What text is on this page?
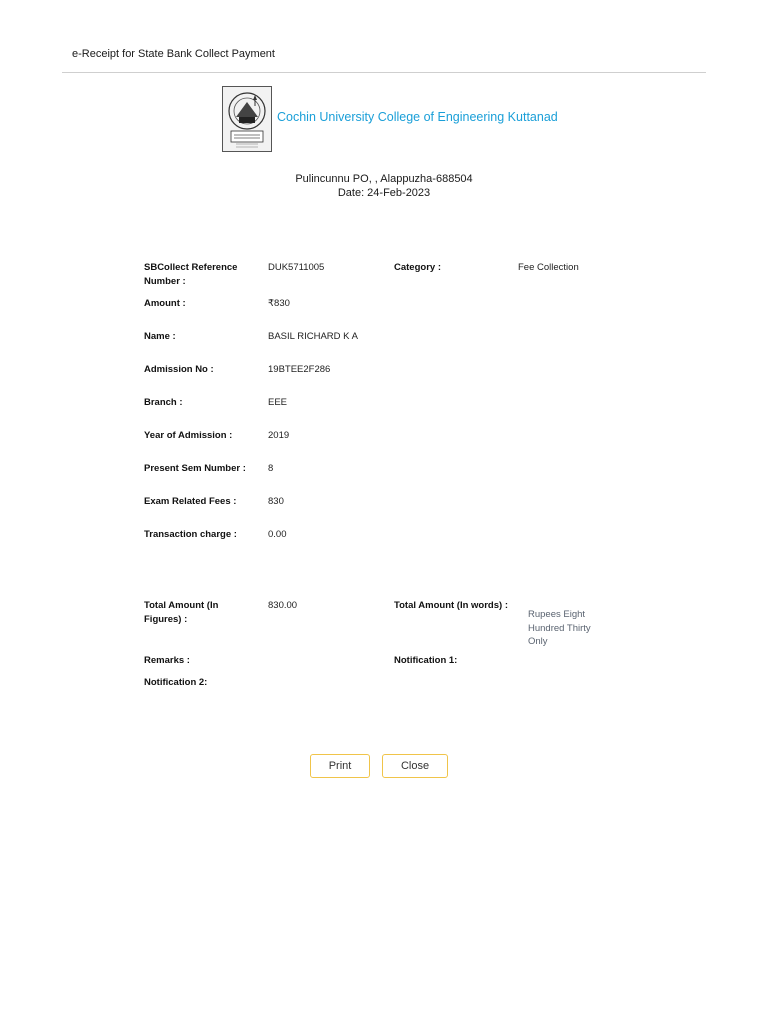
e-Receipt for State Bank Collect Payment
Cochin University College of Engineering Kuttanad
Pulincunnu PO, , Alappuzha-688504
Date: 24-Feb-2023
SBCollect Reference Number :
DUK5711005	Category :	Fee Collection
Amount :	₹830
Name :	BASIL RICHARD K A
Admission No :	19BTEE2F286
Branch :	EEE
Year of Admission :	2019
Present Sem Number : 8
Exam Related Fees :	830
Transaction charge :	0.00
Total Amount (In Figures) :
830.00	Total Amount (In words) :
Rupees Eight Hundred Thirty Only
Remarks :	Notification 1:
Notification 2:
Print	Close
